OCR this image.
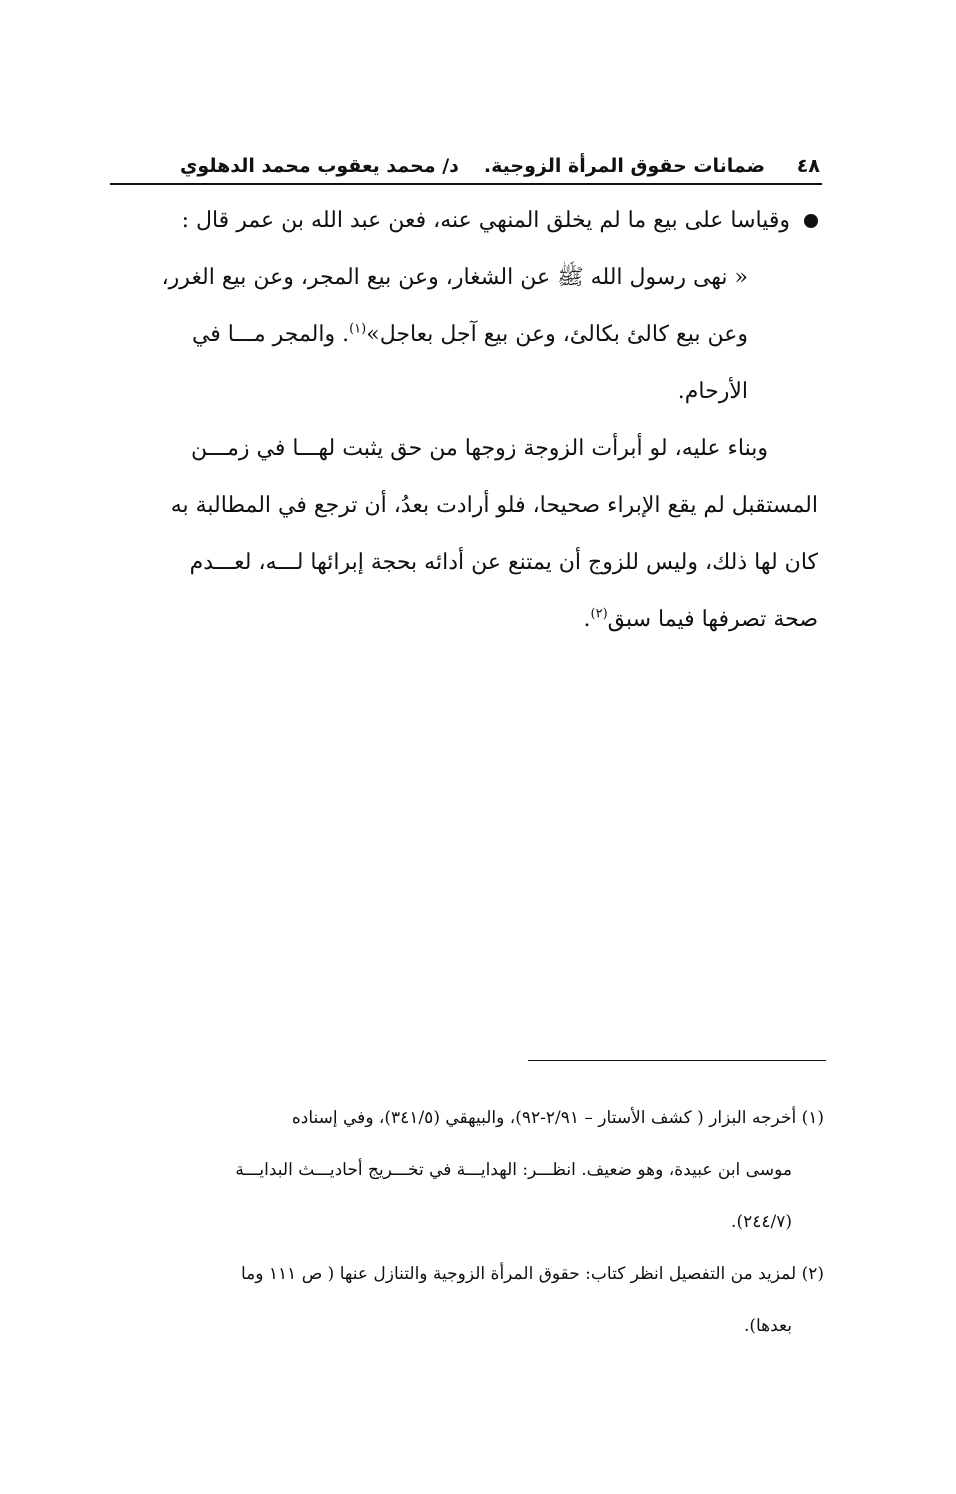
٤٨
ضمانات حقوق المرأة الزوجية.
د/ محمد يعقوب محمد الدهلوي
وقياسا على بيع ما لم يخلق المنهي عنه، فعن عبد الله بن عمر قال :
« نهى رسول الله ﷺ عن الشغار، وعن بيع المجر، وعن بيع الغرر،
وعن بيع كالئ بكالئ، وعن بيع آجل بعاجل»$^{(١)}$. والمجر مـــا في
الأرحام.
وبناء عليه، لو أبرأت الزوجة زوجها من حق يثبت لهـــا في زمـــن
المستقبل لم يقع الإبراء صحيحا، فلو أرادت بعدُ، أن ترجع في المطالبة به
كان لها ذلك، وليس للزوج أن يمتنع عن أدائه بحجة إبرائها لـــه، لعـــدم
صحة تصرفها فيما سبق$^{(٢)}$.
(١) أخرجه البزار ( كشف الأستار – ٢/٩١-٩٢)، والبيهقي (٣٤١/٥)، وفي إسناده
موسى ابن عبيدة، وهو ضعيف. انظـــر: الهدايـــة في تخـــريج أحاديـــث البدايـــة
(٢٤٤/٧).
(٢) لمزيد من التفصيل انظر كتاب: حقوق المرأة الزوجية والتنازل عنها ( ص ١١١ وما
بعدها).
